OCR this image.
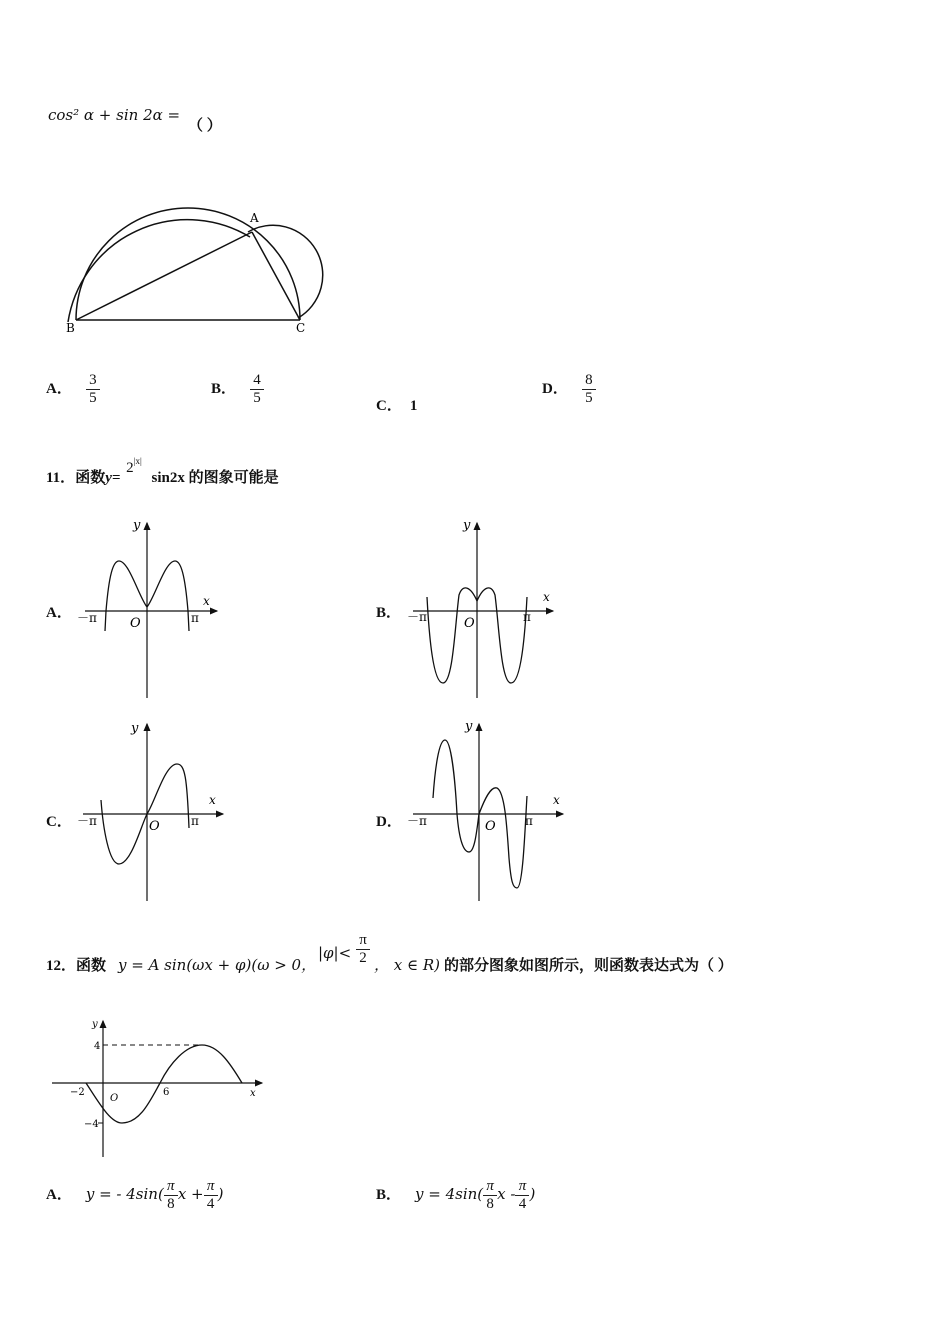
cos² α + sin 2α =
（ ）
A
B	C
A． $\frac{3}{5}$	B． $\frac{4}{5}$	C． 1
D． $\frac{8}{5}$
11．函数$y= 2^{|x|}$ sin2x 的图象可能是
A．
y
x
O
－π	π	B．
y
x
O
－π	π
C．
y
x
O
－π	π	D．
y
x
O
－π	π
12．函数 y = A sin(ωx + φ)(ω > 0，
$|\varphi|< \frac{\pi}{2}$ ， x ∈ R) 的部分图象如图所示，则函数表达式为（ ）
y
x
O
4
−4
−2	6
A． y = - $4\sin( \frac{\pi}{8}$ $x + \frac{\pi}{4}$ )	B． $y = 4\sin( \frac{\pi}{8}$ x - $\frac{\pi}{4}$ )
